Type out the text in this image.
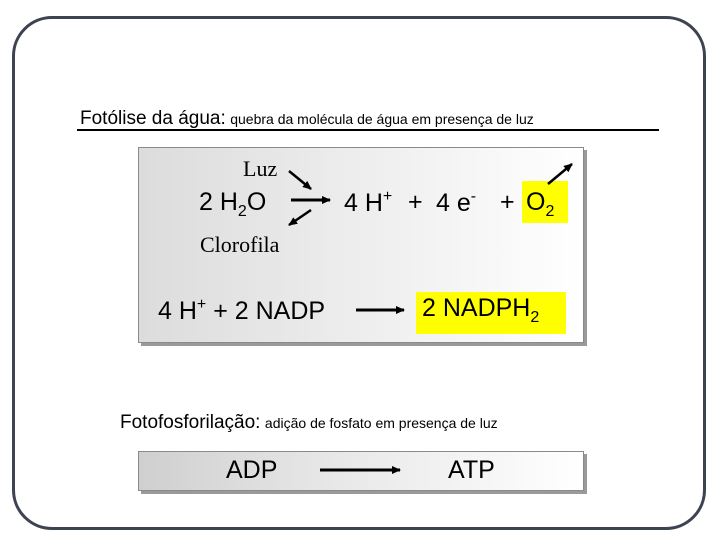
Fotólise da água: quebra da molécula de água em presença de luz
Luz
2 $H_2O$	4 H+ + 4 $e^- + O_2$
Clorofila
4 H+ + 2 NADP	2 $NADPH_2$
Fotofosforilação: adição de fosfato em presença de luz
ADP	ATP
